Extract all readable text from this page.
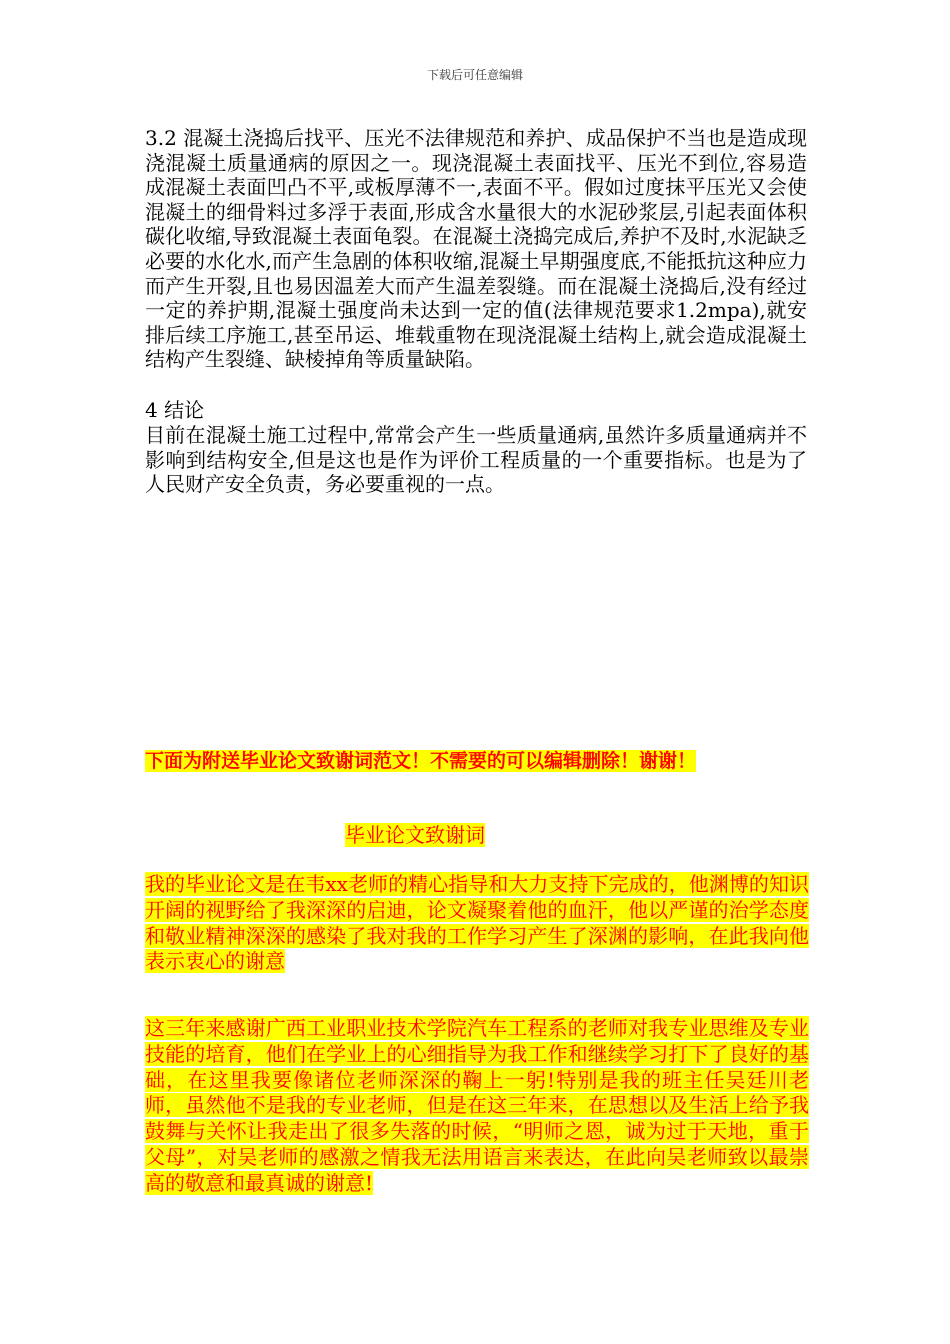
下载后可任意编辑

3.2 混凝土浇捣后找平、压光不法律规范和养护、成品保护不当也是造成现浇混凝土质量通病的原因之一。现浇混凝土表面找平、压光不到位,容易造成混凝土表面凹凸不平,或板厚薄不一,表面不平。假如过度抹平压光又会使混凝土的细骨料过多浮于表面,形成含水量很大的水泥砂浆层,引起表面体积碳化收缩,导致混凝土表面龟裂。在混凝土浇捣完成后,养护不及时,水泥缺乏必要的水化水,而产生急剧的体积收缩,混凝土早期强度底,不能抵抗这种应力而产生开裂,且也易因温差大而产生温差裂缝。而在混凝土浇捣后,没有经过一定的养护期,混凝土强度尚未达到一定的值(法律规范要求1.2mpa),就安排后续工序施工,甚至吊运、堆载重物在现浇混凝土结构上,就会造成混凝土结构产生裂缝、缺棱掉角等质量缺陷。

4 结论

目前在混凝土施工过程中,常常会产生一些质量通病,虽然许多质量通病并不影响到结构安全,但是这也是作为评价工程质量的一个重要指标。也是为了人民财产安全负责，务必要重视的一点。

下面为附送毕业论文致谢词范文！不需要的可以编辑删除！谢谢！

毕业论文致谢词

我的毕业论文是在韦xx老师的精心指导和大力支持下完成的，他渊博的知识开阔的视野给了我深深的启迪，论文凝聚着他的血汗，他以严谨的治学态度和敬业精神深深的感染了我对我的工作学习产生了深渊的影响，在此我向他表示衷心的谢意

这三年来感谢广西工业职业技术学院汽车工程系的老师对我专业思维及专业技能的培育，他们在学业上的心细指导为我工作和继续学习打下了良好的基础，在这里我要像诸位老师深深的鞠上一躬!特别是我的班主任吴廷川老师，虽然他不是我的专业老师，但是在这三年来，在思想以及生活上给予我鼓舞与关怀让我走出了很多失落的时候，“明师之恩，诚为过于天地，重于父母”，对吴老师的感激之情我无法用语言来表达，在此向吴老师致以最崇高的敬意和最真诚的谢意!
